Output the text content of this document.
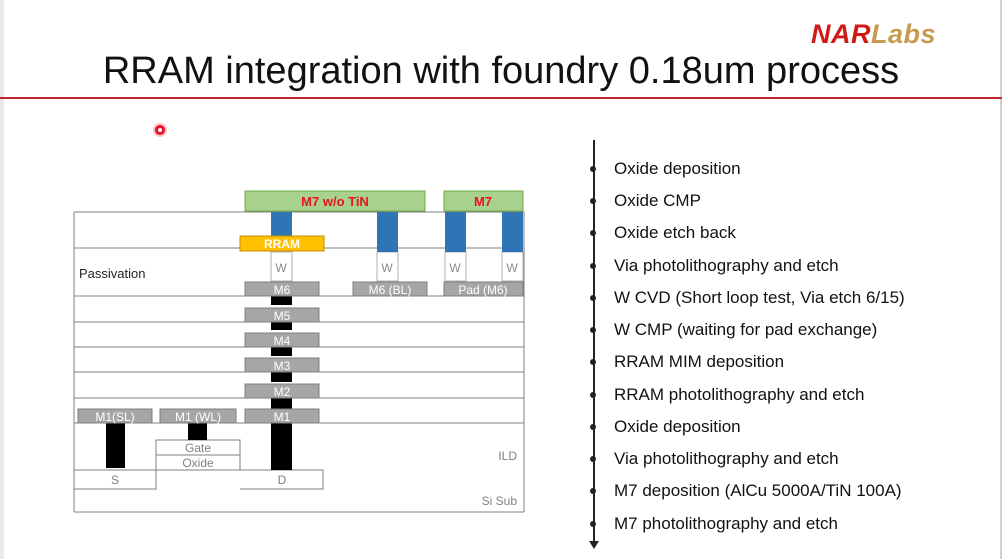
NARLabs
RRAM integration with foundry 0.18um process
W	W	W	W
M7 w/o TiN	M7
RRAM
M6	M6 (BL)	Pad (M6)
M5
M4
M3
M2
M1(SL)	M1 (WL)	M1
Passivation
Gate
Oxide
S	D
ILD
Si Sub
Oxide deposition
Oxide CMP
Oxide etch back
Via photolithography and etch
W CVD (Short loop test, Via etch 6/15)
W CMP (waiting for pad exchange)
RRAM MIM deposition
RRAM photolithography and etch
Oxide deposition
Via photolithography and etch
M7 deposition (AlCu 5000A/TiN 100A)
M7 photolithography and etch
